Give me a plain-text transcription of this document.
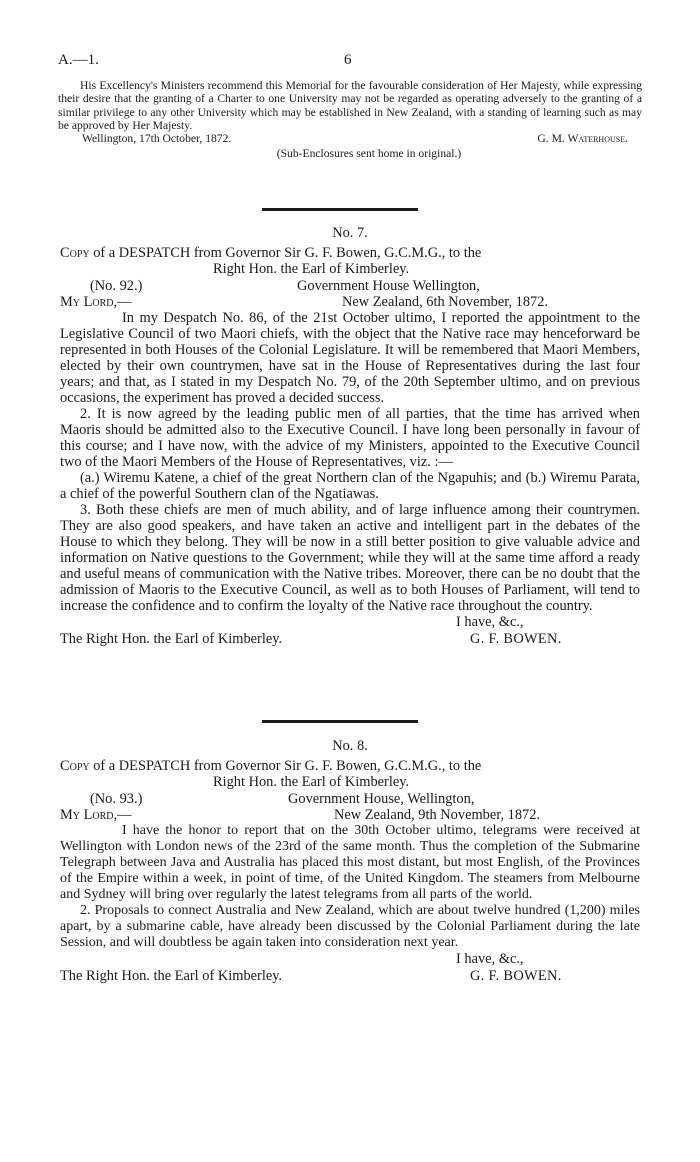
A.—1.	6

His Excellency's Ministers recommend this Memorial for the favourable consideration of Her Majesty, while expressing their desire that the granting of a Charter to one University may not be regarded as operating adversely to the granting of a similar privilege to any other University which may be established in New Zealand, with a standing of learning such as may be approved by Her Majesty.

Wellington, 17th October, 1872.	G. M. Waterhouse.
(Sub-Enclosures sent home in original.)
No. 7.

Copy of a DESPATCH from Governor Sir G. F. Bowen, G.C.M.G., to the

Right Hon. the Earl of Kimberley.

(No. 92.)	Government House Wellington,
My Lord,—	New Zealand, 6th November, 1872.

In my Despatch No. 86, of the 21st October ultimo, I reported the appointment to the Legislative Council of two Maori chiefs, with the object that the Native race may henceforward be represented in both Houses of the Colonial Legislature. It will be remembered that Maori Members, elected by their own countrymen, have sat in the House of Representatives during the last four years; and that, as I stated in my Despatch No. 79, of the 20th September ultimo, and on previous occasions, the experiment has proved a decided success.

2. It is now agreed by the leading public men of all parties, that the time has arrived when Maoris should be admitted also to the Executive Council. I have long been personally in favour of this course; and I have now, with the advice of my Ministers, appointed to the Executive Council two of the Maori Members of the House of Representatives, viz. :—

(a.) Wiremu Katene, a chief of the great Northern clan of the Ngapuhis; and (b.) Wiremu Parata, a chief of the powerful Southern clan of the Ngatiawas.

3. Both these chiefs are men of much ability, and of large influence among their countrymen. They are also good speakers, and have taken an active and intelligent part in the debates of the House to which they belong. They will be now in a still better position to give valuable advice and information on Native questions to the Government; while they will at the same time afford a ready and useful means of communication with the Native tribes. Moreover, there can be no doubt that the admission of Maoris to the Executive Council, as well as to both Houses of Parliament, will tend to increase the confidence and to confirm the loyalty of the Native race throughout the country.

I have, &c.,
The Right Hon. the Earl of Kimberley.	G. F. BOWEN.
No. 8.

Copy of a DESPATCH from Governor Sir G. F. Bowen, G.C.M.G., to the

Right Hon. the Earl of Kimberley.

(No. 93.)	Government House, Wellington,
My Lord,—	New Zealand, 9th November, 1872.

I have the honor to report that on the 30th October ultimo, telegrams were received at Wellington with London news of the 23rd of the same month. Thus the completion of the Submarine Telegraph between Java and Australia has placed this most distant, but most English, of the Provinces of the Empire within a week, in point of time, of the United Kingdom. The steamers from Melbourne and Sydney will bring over regularly the latest telegrams from all parts of the world.

2. Proposals to connect Australia and New Zealand, which are about twelve hundred (1,200) miles apart, by a submarine cable, have already been discussed by the Colonial Parliament during the late Session, and will doubtless be again taken into consideration next year.

I have, &c.,
The Right Hon. the Earl of Kimberley.	G. F. BOWEN.
